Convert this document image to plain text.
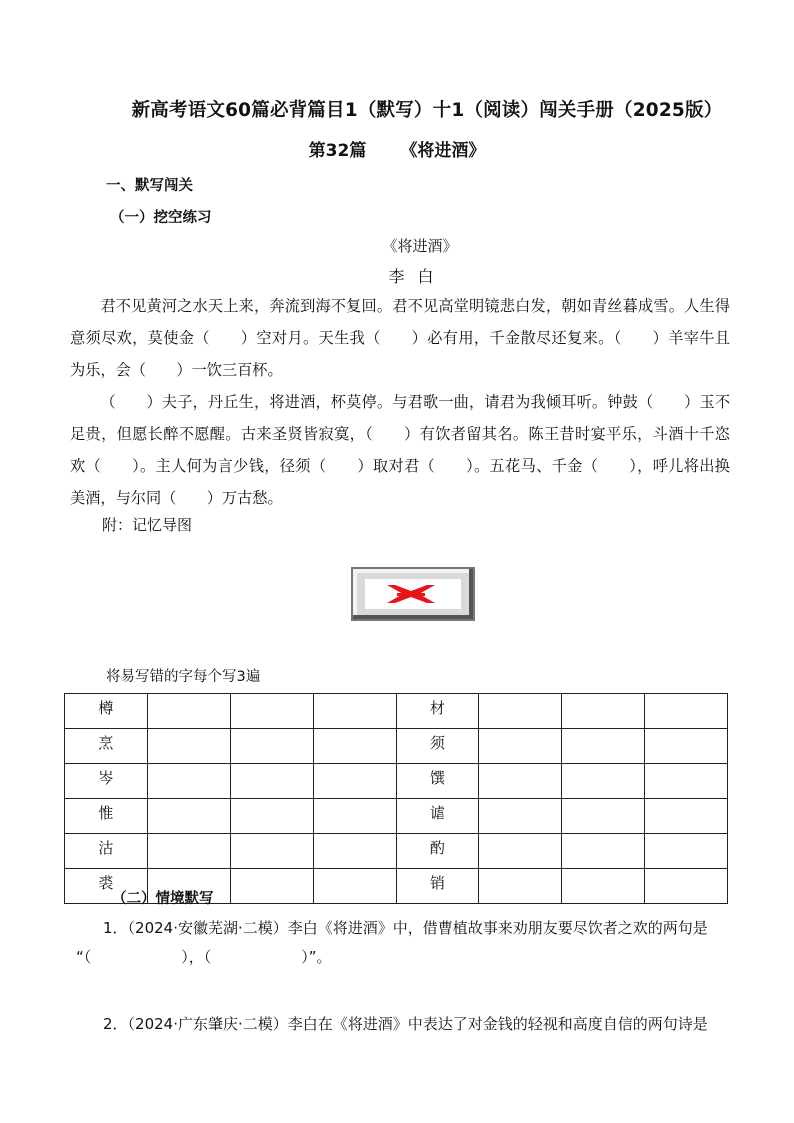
新高考语文60篇必背篇目1（默写）十1（阅读）闯关手册（2025版）
第32篇 《将进酒》
一、默写闯关
（一）挖空练习
《将进酒》
李 白

君不见黄河之水天上来，奔流到海不复回。君不见高堂明镜悲白发，朝如青丝暮成雪。人生得意须尽欢，莫使金（　　）空对月。天生我（　　）必有用，千金散尽还复来。（　　）羊宰牛且为乐，会（　　）一饮三百杯。

（　　）夫子，丹丘生，将进酒，杯莫停。与君歌一曲，请君为我倾耳听。钟鼓（　　）玉不足贵，但愿长醉不愿醒。古来圣贤皆寂寞，（　　）有饮者留其名。陈王昔时宴平乐，斗酒十千恣欢（　　）。主人何为言少钱，径须（　　）取对君（　　）。五花马、千金（　　），呼儿将出换美酒，与尔同（　　）万古愁。

附：记忆导图
将易写错的字每个写3遍
樽				材			
烹				须			
岑				馔			
惟				谑			
沽				酌			
裘				销			
（二）情境默写

1．（2024·安徽芜湖·二模）李白《将进酒》中，借曹植故事来劝朋友要尽饮者之欢的两句是

“（　　　　　　），（　　　　　　）”。

2．（2024·广东肇庆·二模）李白在《将进酒》中表达了对金钱的轻视和高度自信的两句诗是
